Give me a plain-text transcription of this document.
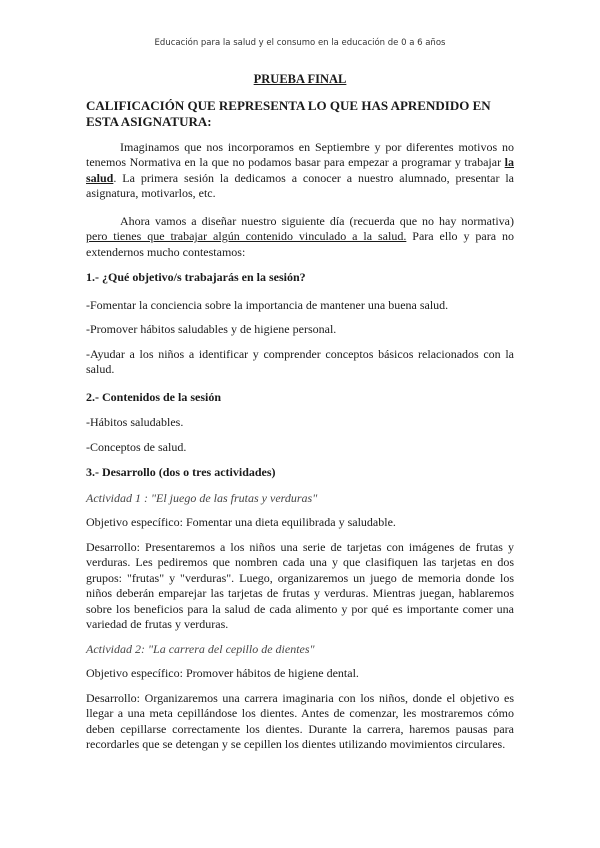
Educación para la salud y el consumo en la educación de 0 a 6 años

PRUEBA FINAL

CALIFICACIÓN QUE REPRESENTA LO QUE HAS APRENDIDO EN ESTA ASIGNATURA:

Imaginamos que nos incorporamos en Septiembre y por diferentes motivos no tenemos Normativa en la que no podamos basar para empezar a programar y trabajar la salud. La primera sesión la dedicamos a conocer a nuestro alumnado, presentar la asignatura, motivarlos, etc.

Ahora vamos a diseñar nuestro siguiente día (recuerda que no hay normativa) pero tienes que trabajar algún contenido vinculado a la salud. Para ello y para no extendernos mucho contestamos:

1.- ¿Qué objetivo/s trabajarás en la sesión?

-Fomentar la conciencia sobre la importancia de mantener una buena salud.

-Promover hábitos saludables y de higiene personal.

-Ayudar a los niños a identificar y comprender conceptos básicos relacionados con la salud.

2.- Contenidos de la sesión

-Hábitos saludables.

-Conceptos de salud.

3.- Desarrollo (dos o tres actividades)

Actividad 1 : "El juego de las frutas y verduras"

Objetivo específico: Fomentar una dieta equilibrada y saludable.

Desarrollo: Presentaremos a los niños una serie de tarjetas con imágenes de frutas y verduras. Les pediremos que nombren cada una y que clasifiquen las tarjetas en dos grupos: "frutas" y "verduras". Luego, organizaremos un juego de memoria donde los niños deberán emparejar las tarjetas de frutas y verduras. Mientras juegan, hablaremos sobre los beneficios para la salud de cada alimento y por qué es importante comer una variedad de frutas y verduras.

Actividad 2: "La carrera del cepillo de dientes"

Objetivo específico: Promover hábitos de higiene dental.

Desarrollo: Organizaremos una carrera imaginaria con los niños, donde el objetivo es llegar a una meta cepillándose los dientes. Antes de comenzar, les mostraremos cómo deben cepillarse correctamente los dientes. Durante la carrera, haremos pausas para recordarles que se detengan y se cepillen los dientes utilizando movimientos circulares.
